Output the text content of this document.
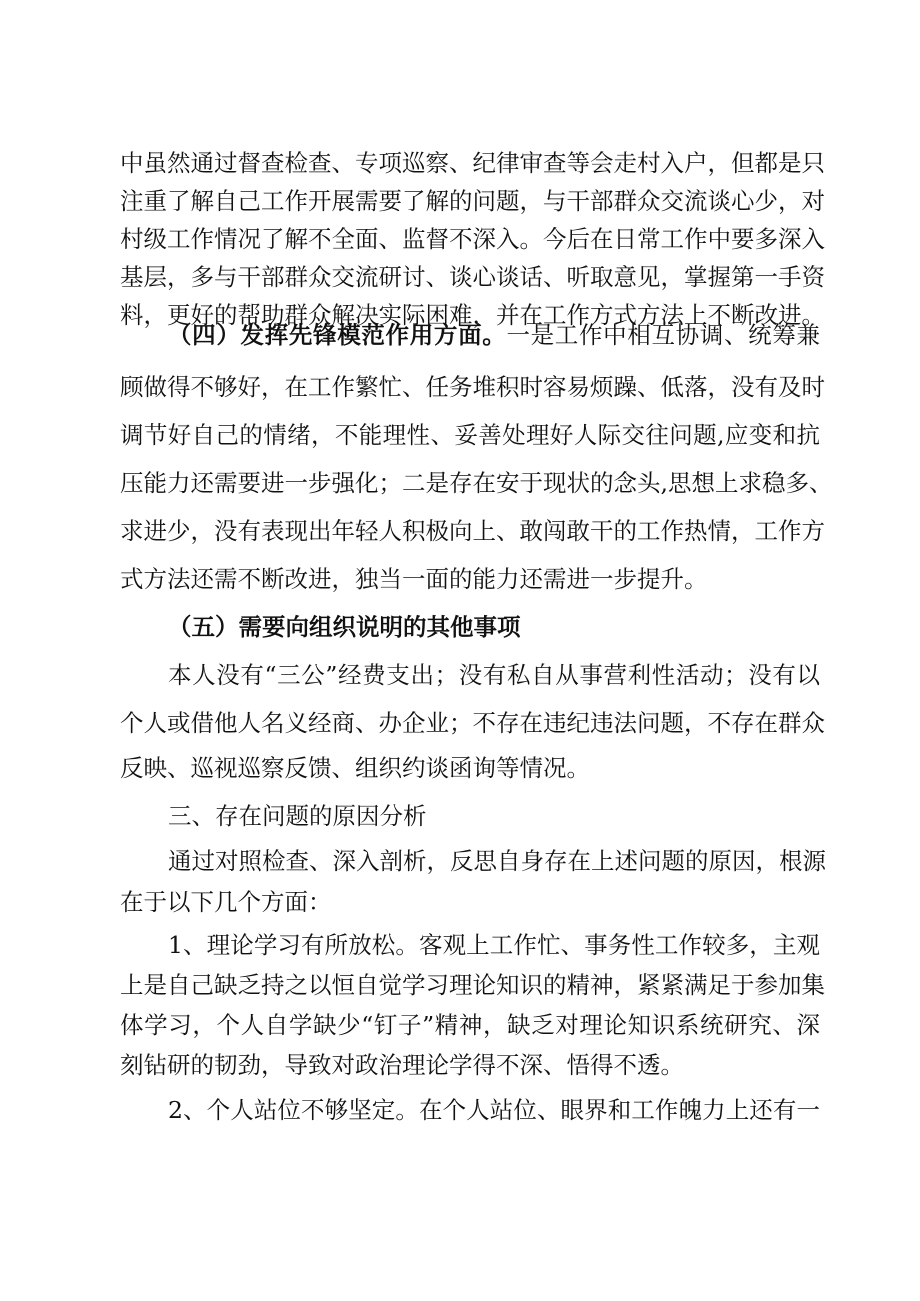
中虽然通过督查检查、专项巡察、纪律审查等会走村入户，但都是只
注重了解自己工作开展需要了解的问题，与干部群众交流谈心少，对
村级工作情况了解不全面、监督不深入。今后在日常工作中要多深入
基层，多与干部群众交流研讨、谈心谈话、听取意见，掌握第一手资
料，更好的帮助群众解决实际困难，并在工作方式方法上不断改进。
（四）发挥先锋模范作用方面。一是工作中相互协调、统筹兼
顾做得不够好，在工作繁忙、任务堆积时容易烦躁、低落，没有及时
调节好自己的情绪，不能理性、妥善处理好人际交往问题,应变和抗
压能力还需要进一步强化；二是存在安于现状的念头,思想上求稳多、
求进少，没有表现出年轻人积极向上、敢闯敢干的工作热情，工作方
式方法还需不断改进，独当一面的能力还需进一步提升。
（五）需要向组织说明的其他事项
本人没有“三公”经费支出；没有私自从事营利性活动；没有以
个人或借他人名义经商、办企业；不存在违纪违法问题，不存在群众
反映、巡视巡察反馈、组织约谈函询等情况。
三、存在问题的原因分析
通过对照检查、深入剖析，反思自身存在上述问题的原因，根源
在于以下几个方面：
1、理论学习有所放松。客观上工作忙、事务性工作较多，主观
上是自己缺乏持之以恒自觉学习理论知识的精神，紧紧满足于参加集
体学习，个人自学缺少“钉子”精神，缺乏对理论知识系统研究、深
刻钻研的韧劲，导致对政治理论学得不深、悟得不透。
2、个人站位不够坚定。在个人站位、眼界和工作魄力上还有一
